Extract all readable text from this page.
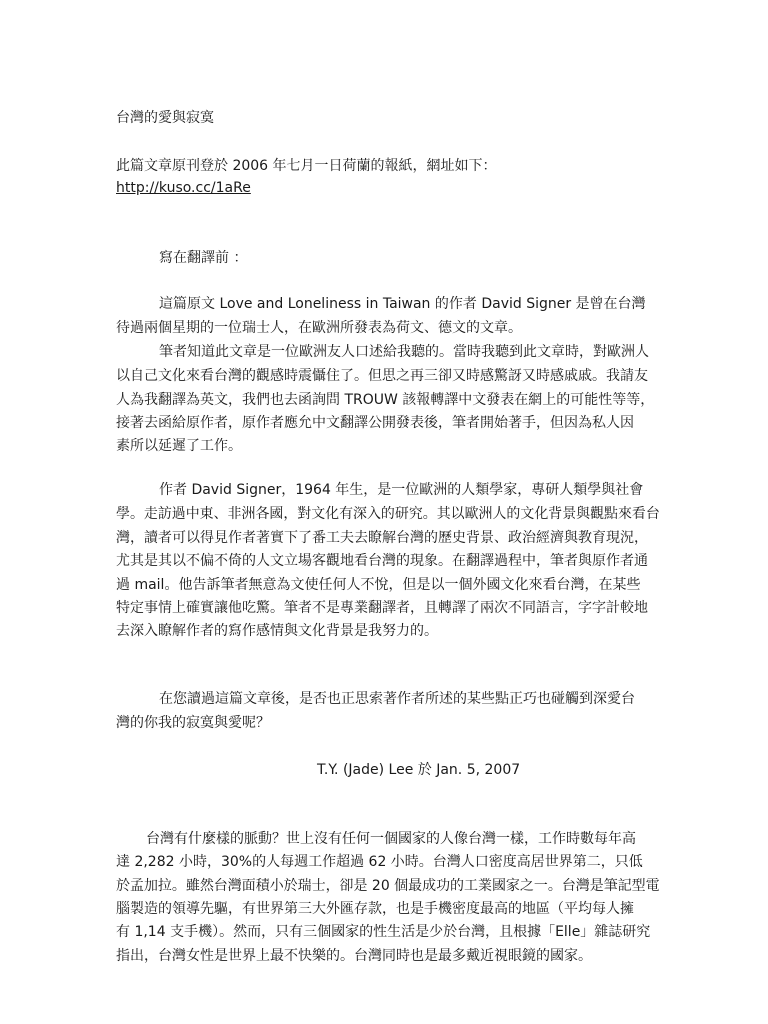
台灣的愛與寂寞
此篇文章原刊登於 2006 年七月一日荷蘭的報紙，網址如下：
http://kuso.cc/1aRe
寫在翻譯前 ：
這篇原文 Love and Loneliness in Taiwan 的作者 David Signer 是曾在台灣
待過兩個星期的一位瑞士人，在歐洲所發表為荷文、德文的文章。
筆者知道此文章是一位歐洲友人口述給我聽的。當時我聽到此文章時，對歐洲人
以自己文化來看台灣的觀感時震懾住了。但思之再三卻又時感驚訝又時感戚戚。我請友
人為我翻譯為英文，我們也去函詢問 TROUW 該報轉譯中文發表在網上的可能性等等，
接著去函給原作者，原作者應允中文翻譯公開發表後，筆者開始著手，但因為私人因
素所以延遲了工作。
作者 David Signer，1964 年生，是一位歐洲的人類學家，專研人類學與社會
學。走訪過中東、非洲各國，對文化有深入的研究。其以歐洲人的文化背景與觀點來看台
灣，讀者可以得見作者著實下了番工夫去瞭解台灣的歷史背景、政治經濟與教育現況，
尤其是其以不偏不倚的人文立場客觀地看台灣的現象。在翻譯過程中，筆者與原作者通
過 mail。他告訴筆者無意為文使任何人不悅，但是以一個外國文化來看台灣，在某些
特定事情上確實讓他吃驚。筆者不是專業翻譯者，且轉譯了兩次不同語言，字字計較地
去深入瞭解作者的寫作感情與文化背景是我努力的。
在您讀過這篇文章後，是否也正思索著作者所述的某些點正巧也碰觸到深愛台
灣的你我的寂寞與愛呢？
T.Y. (Jade) Lee 於 Jan. 5, 2007
台灣有什麼樣的脈動？世上沒有任何一個國家的人像台灣一樣，工作時數每年高
達 2,282 小時，30%的人每週工作超過 62 小時。台灣人口密度高居世界第二，只低
於孟加拉。雖然台灣面積小於瑞士，卻是 20 個最成功的工業國家之一。台灣是筆記型電
腦製造的領導先驅，有世界第三大外匯存款，也是手機密度最高的地區（平均每人擁
有 1,14 支手機）。然而，只有三個國家的性生活是少於台灣，且根據「Elle」雜誌研究
指出，台灣女性是世界上最不快樂的。台灣同時也是最多戴近視眼鏡的國家。
